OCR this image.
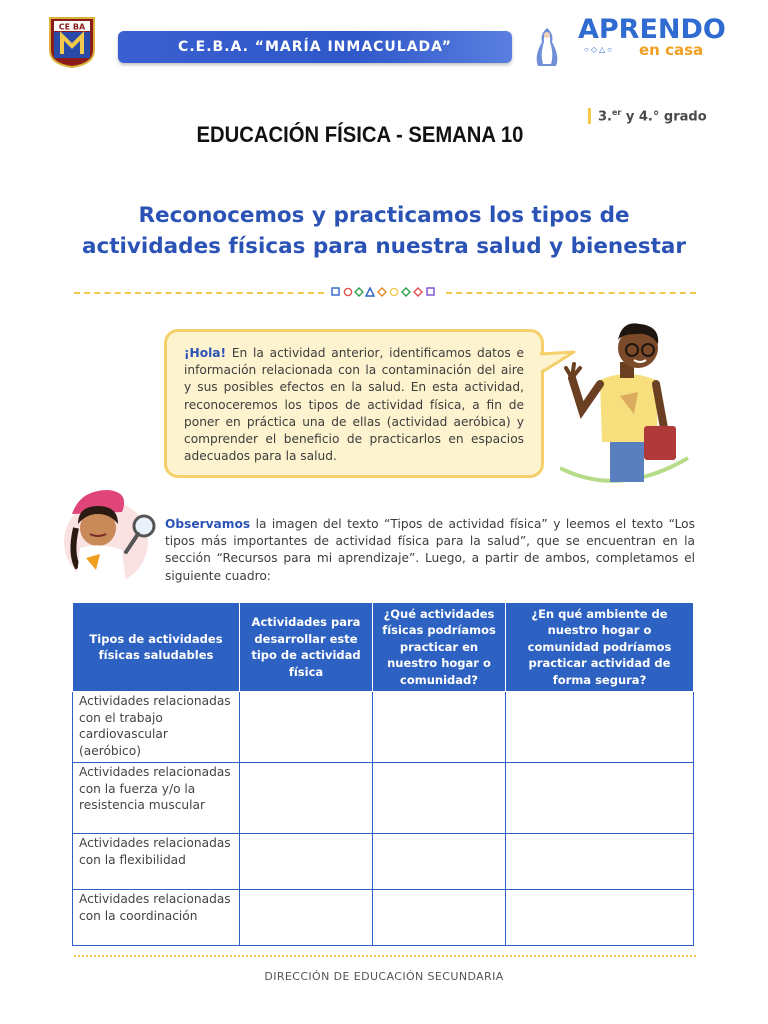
CE BA
C.E.B.A. “MARÍA INMACULADA”
APRENDO
○◇△○ en casa
3.$^{er}$ y 4.° grado
EDUCACIÓN FÍSICA - SEMANA 10
Reconocemos y practicamos los tipos de
actividades físicas para nuestra salud y bienestar
¡Hola! En la actividad anterior, identificamos datos e información relacionada con la contaminación del aire y sus posibles efectos en la salud. En esta actividad, reconoceremos los tipos de actividad física, a fin de poner en práctica una de ellas (actividad aeróbica) y comprender el beneficio de practicarlos en espacios adecuados para la salud.
Observamos la imagen del texto “Tipos de actividad física” y leemos el texto “Los tipos más importantes de actividad física para la salud”, que se encuentran en la sección “Recursos para mi aprendizaje”. Luego, a partir de ambos, completamos el siguiente cuadro:
Tipos de actividades físicas saludables	Actividades para desarrollar este tipo de actividad física	¿Qué actividades físicas podríamos practicar en nuestro hogar o comunidad?	¿En qué ambiente de nuestro hogar o comunidad podríamos practicar actividad de forma segura?
Actividades relacionadas con el trabajo cardiovascular (aeróbico)			
Actividades relacionadas con la fuerza y/o la resistencia muscular			
Actividades relacionadas con la flexibilidad			
Actividades relacionadas con la coordinación			
DIRECCIÓN DE EDUCACIÓN SECUNDARIA
